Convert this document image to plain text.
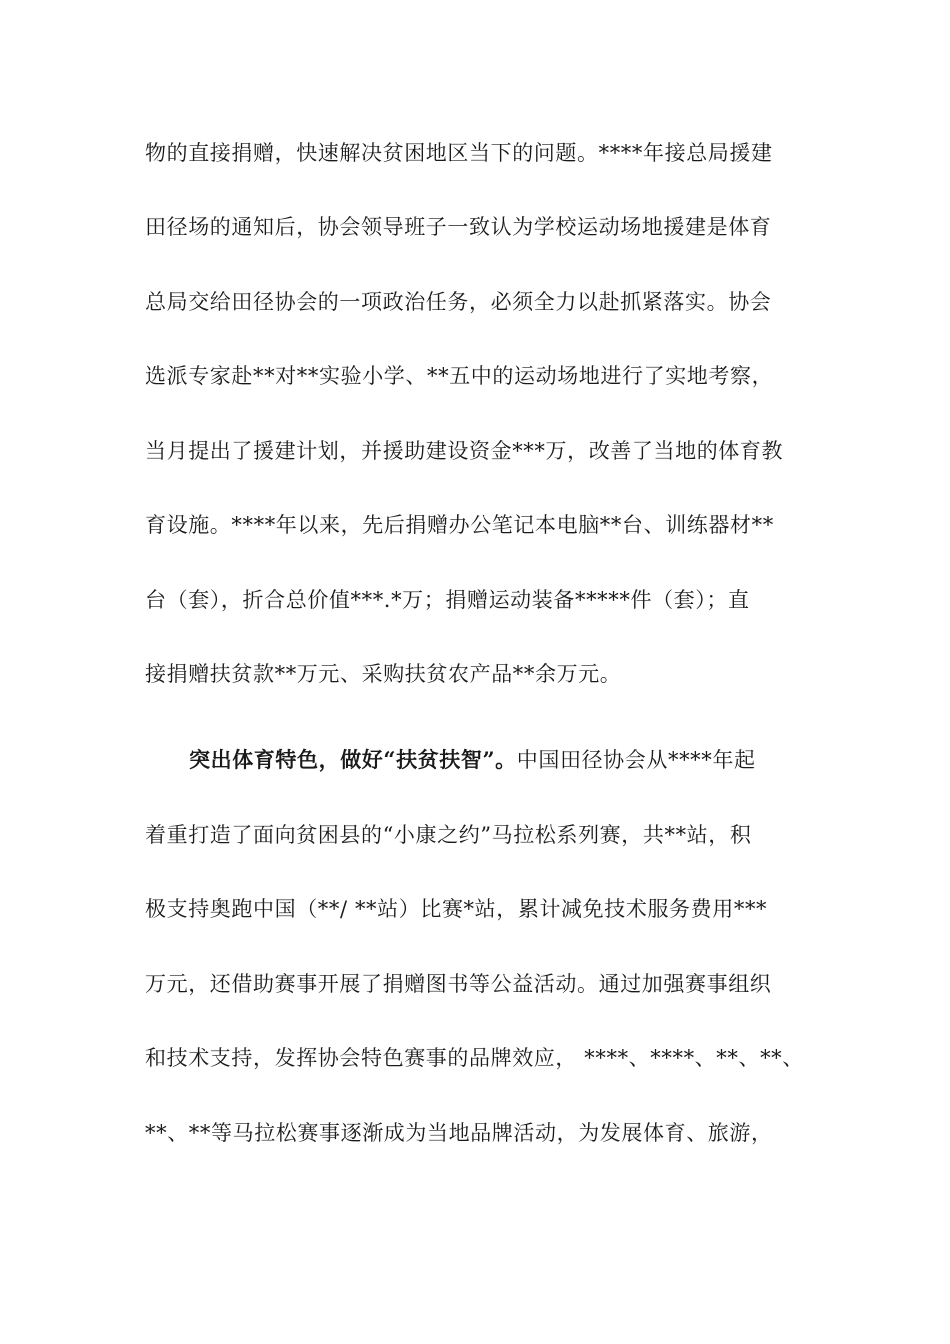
物的直接捐赠，快速解决贫困地区当下的问题。****年接总局援建
田径场的通知后，协会领导班子一致认为学校运动场地援建是体育
总局交给田径协会的一项政治任务，必须全力以赴抓紧落实。协会
选派专家赴**对**实验小学、**五中的运动场地进行了实地考察，
当月提出了援建计划，并援助建设资金***万，改善了当地的体育教
育设施。****年以来，先后捐赠办公笔记本电脑**台、训练器材**
台（套），折合总价值***.*万；捐赠运动装备*****件（套）；直
接捐赠扶贫款**万元、采购扶贫农产品**余万元。
突出体育特色，做好“扶贫扶智”。中国田径协会从****年起
着重打造了面向贫困县的“小康之约”马拉松系列赛，共**站，积
极支持奥跑中国（**/ **站）比赛*站，累计减免技术服务费用***
万元，还借助赛事开展了捐赠图书等公益活动。通过加强赛事组织
和技术支持，发挥协会特色赛事的品牌效应， ****、****、**、**、
**、**等马拉松赛事逐渐成为当地品牌活动，为发展体育、旅游，
